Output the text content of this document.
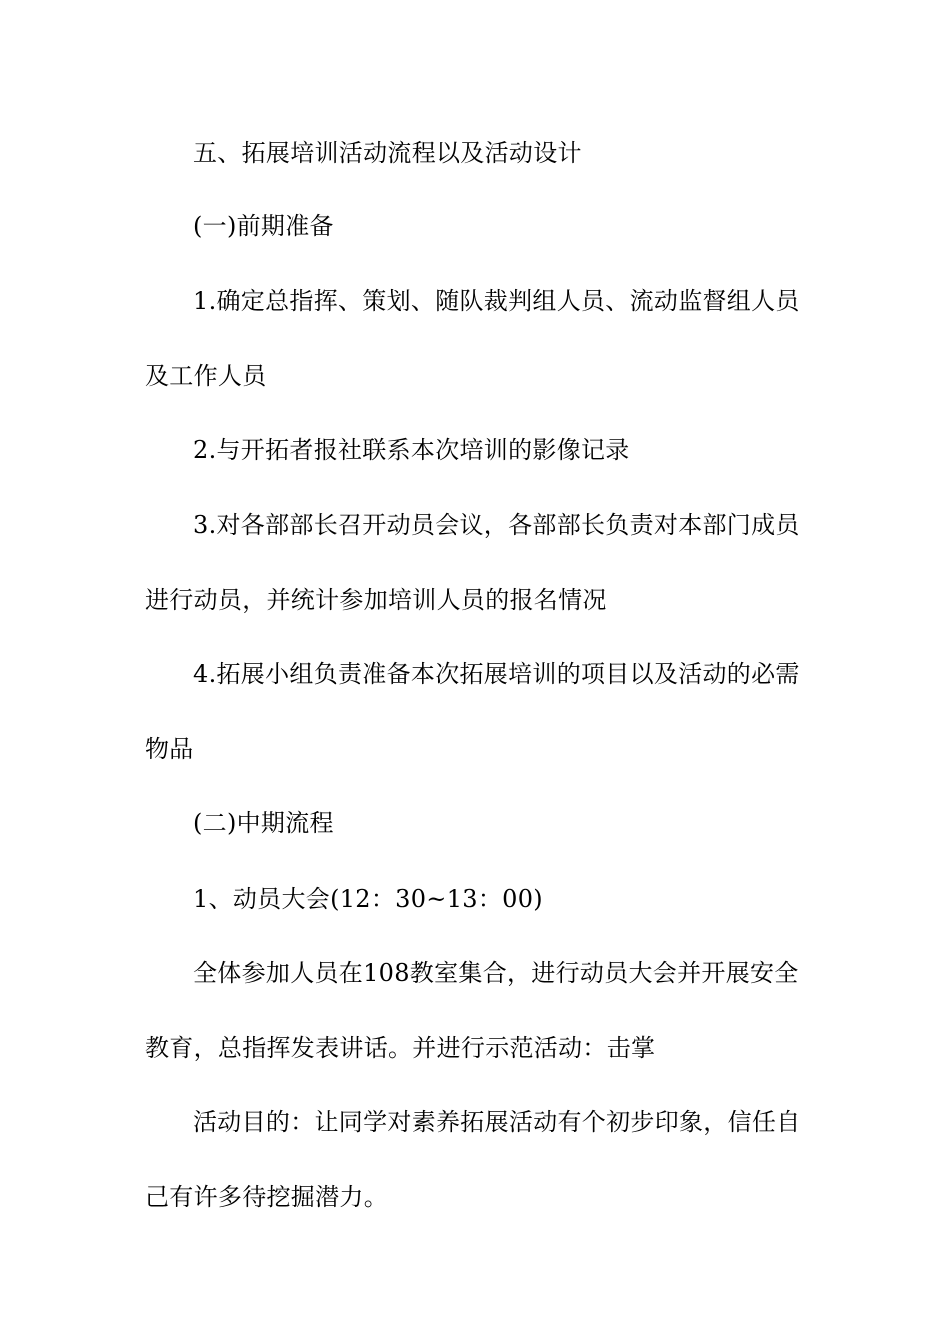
五、拓展培训活动流程以及活动设计
(一)前期准备
1.确定总指挥、策划、随队裁判组人员、流动监督组人员
及工作人员
2.与开拓者报社联系本次培训的影像记录
3.对各部部长召开动员会议，各部部长负责对本部门成员
进行动员，并统计参加培训人员的报名情况
4.拓展小组负责准备本次拓展培训的项目以及活动的必需
物品
(二)中期流程
1、动员大会(12：30~13：00)
全体参加人员在108教室集合，进行动员大会并开展安全
教育，总指挥发表讲话。并进行示范活动：击掌
活动目的：让同学对素养拓展活动有个初步印象，信任自
己有许多待挖掘潜力。
